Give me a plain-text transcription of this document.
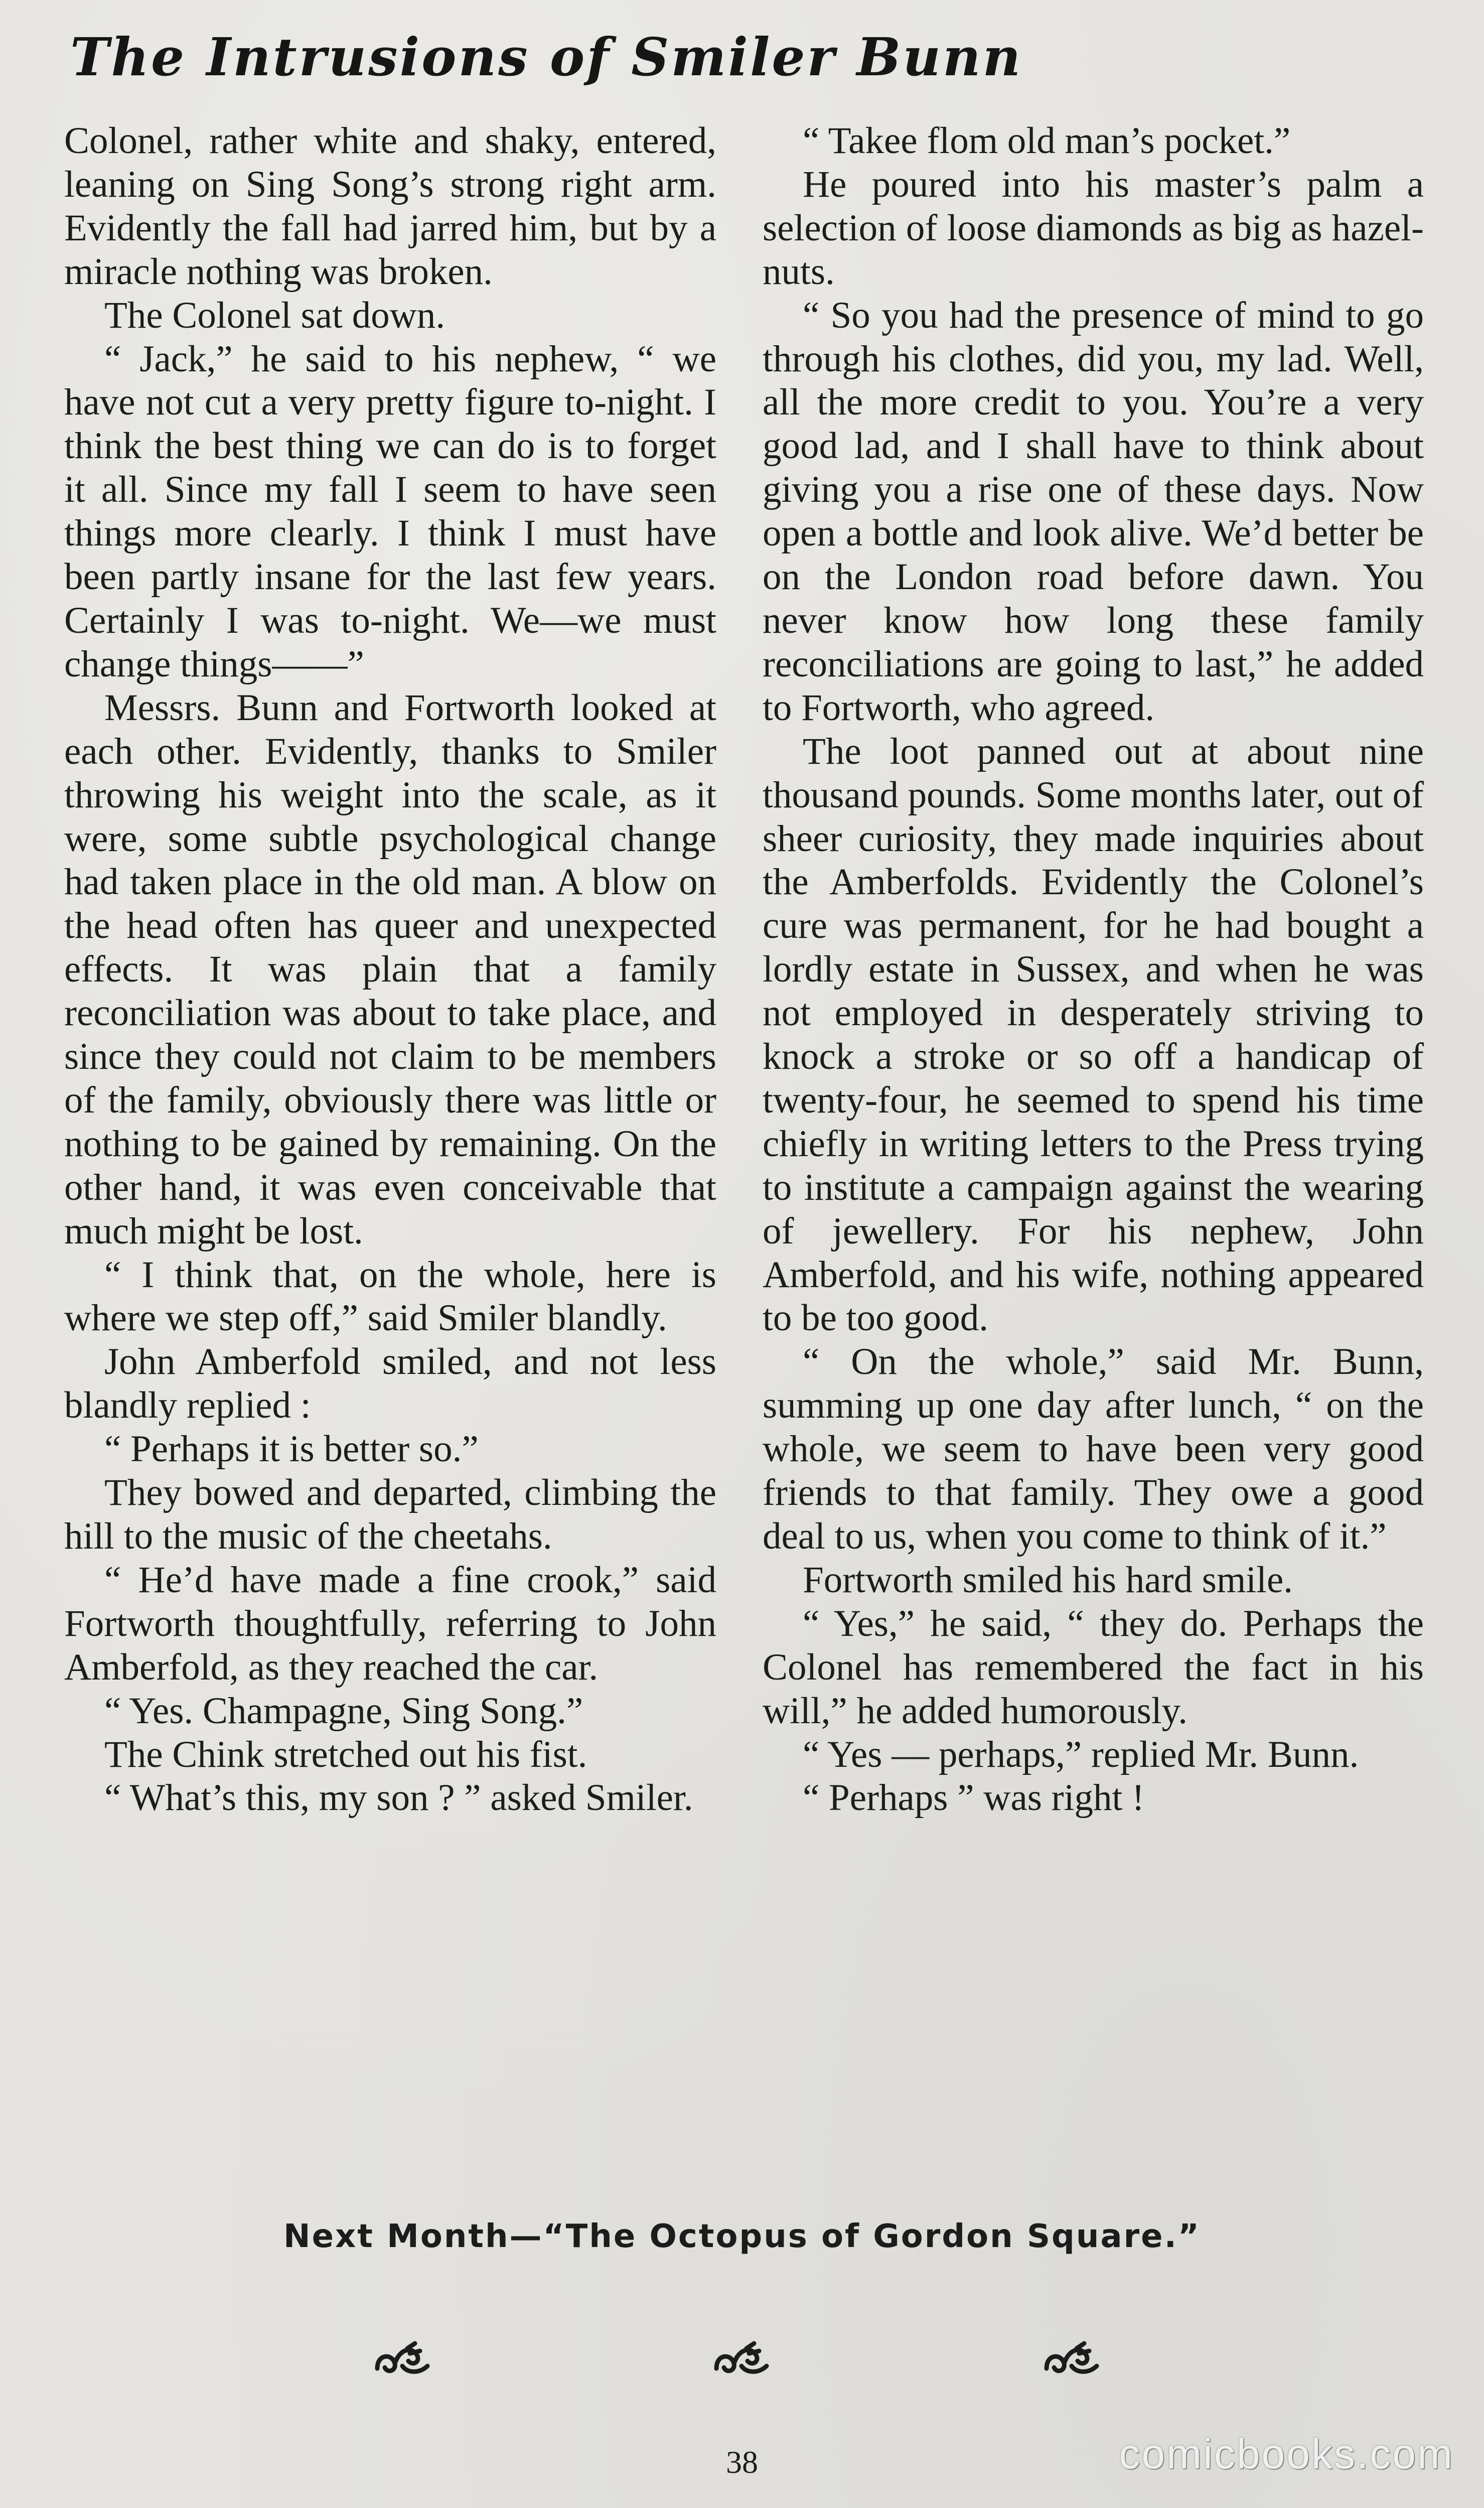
The Intrusions of Smiler Bunn

Colonel, rather white and shaky, entered, leaning on Sing Song’s strong right arm. Evidently the fall had jarred him, but by a miracle nothing was broken.

The Colonel sat down.

“ Jack,” he said to his nephew, “ we have not cut a very pretty figure to-night. I think the best thing we can do is to forget it all. Since my fall I seem to have seen things more clearly. I think I must have been partly insane for the last few years. Certainly I was to-night. We—we must change things——”

Messrs. Bunn and Fortworth looked at each other. Evidently, thanks to Smiler throwing his weight into the scale, as it were, some subtle psychological change had taken place in the old man. A blow on the head often has queer and unexpected effects. It was plain that a family reconciliation was about to take place, and since they could not claim to be members of the family, obviously there was little or nothing to be gained by remaining. On the other hand, it was even conceivable that much might be lost.

“ I think that, on the whole, here is where we step off,” said Smiler blandly.

John Amberfold smiled, and not less blandly replied :

“ Perhaps it is better so.”

They bowed and departed, climbing the hill to the music of the cheetahs.

“ He’d have made a fine crook,” said Fortworth thoughtfully, referring to John Amberfold, as they reached the car.

“ Yes. Champagne, Sing Song.”

The Chink stretched out his fist.

“ What’s this, my son ? ” asked Smiler.

“ Takee flom old man’s pocket.”

He poured into his master’s palm a selection of loose diamonds as big as hazel-nuts.

“ So you had the presence of mind to go through his clothes, did you, my lad. Well, all the more credit to you. You’re a very good lad, and I shall have to think about giving you a rise one of these days. Now open a bottle and look alive. We’d better be on the London road before dawn. You never know how long these family reconciliations are going to last,” he added to Fortworth, who agreed.

The loot panned out at about nine thousand pounds. Some months later, out of sheer curiosity, they made inquiries about the Amberfolds. Evidently the Colonel’s cure was permanent, for he had bought a lordly estate in Sussex, and when he was not employed in desperately striving to knock a stroke or so off a handicap of twenty-four, he seemed to spend his time chiefly in writing letters to the Press trying to institute a campaign against the wearing of jewellery. For his nephew, John Amberfold, and his wife, nothing appeared to be too good.

“ On the whole,” said Mr. Bunn, summing up one day after lunch, “ on the whole, we seem to have been very good friends to that family. They owe a good deal to us, when you come to think of it.”

Fortworth smiled his hard smile.

“ Yes,” he said, “ they do. Perhaps the Colonel has remembered the fact in his will,” he added humorously.

“ Yes — perhaps,” replied Mr. Bunn.

“ Perhaps ” was right !

Next Month—“The Octopus of Gordon Square.”
38	comicbooks.com
